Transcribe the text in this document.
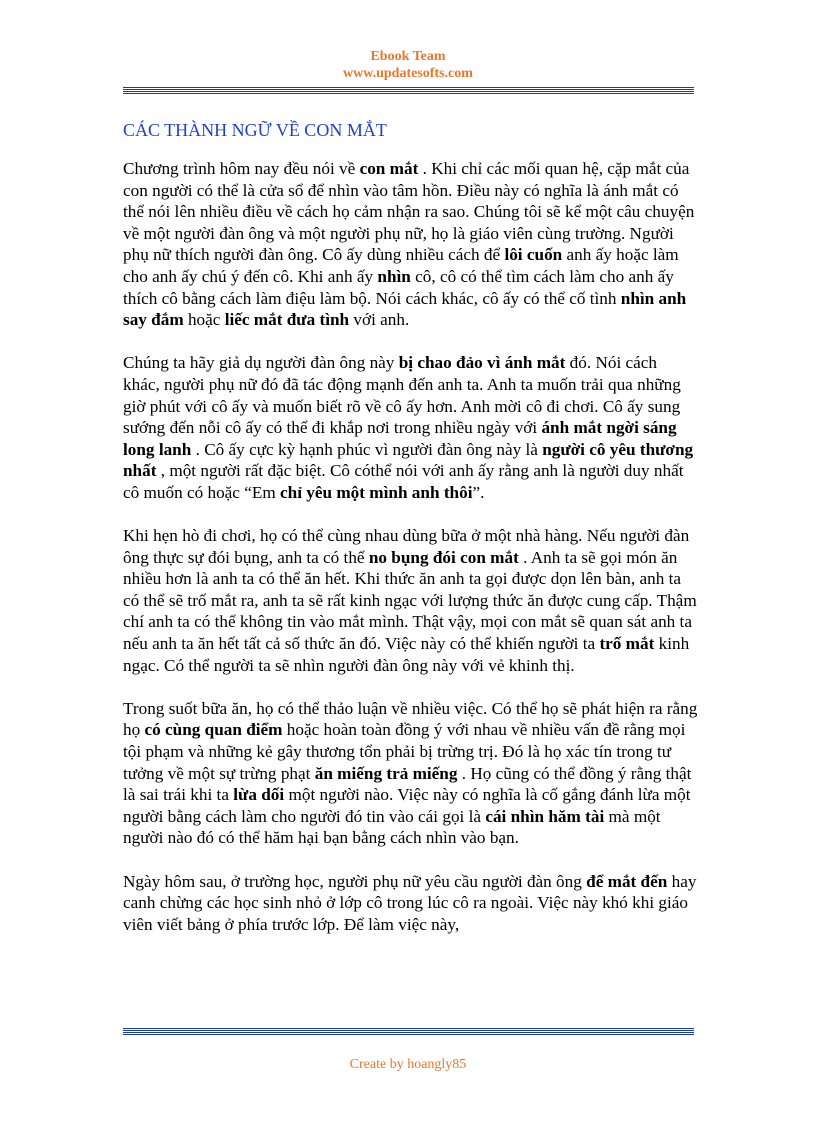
Ebook Team
www.updatesofts.com
CÁC THÀNH NGỮ VỀ CON MẮT

Chương trình hôm nay đều nói về con mắt . Khi chỉ các mối quan hệ, cặp mắt của con người có thể là cửa sổ để nhìn vào tâm hồn. Điều này có nghĩa là ánh mắt có thể nói lên nhiều điều về cách họ cảm nhận ra sao. Chúng tôi sẽ kể một câu chuyện về một người đàn ông và một người phụ nữ, họ là giáo viên cùng trường. Người phụ nữ thích người đàn ông. Cô ấy dùng nhiều cách để lôi cuốn anh ấy hoặc làm cho anh ấy chú ý đến cô. Khi anh ấy nhìn cô, cô có thể tìm cách làm cho anh ấy thích cô bằng cách làm điệu làm bộ. Nói cách khác, cô ấy có thể cố tình nhìn anh say đắm hoặc liếc mắt đưa tình với anh.

Chúng ta hãy giả dụ người đàn ông này bị chao đảo vì ánh mắt đó. Nói cách khác, người phụ nữ đó đã tác động mạnh đến anh ta. Anh ta muốn trải qua những giờ phút với cô ấy và muốn biết rõ về cô ấy hơn. Anh mời cô đi chơi. Cô ấy sung sướng đến nỗi cô ấy có thể đi khắp nơi trong nhiều ngày với ánh mắt ngời sáng long lanh . Cô ấy cực kỳ hạnh phúc vì người đàn ông này là người cô yêu thương nhất , một người rất đặc biệt. Cô cóthể nói với anh ấy rằng anh là người duy nhất cô muốn có hoặc “Em chỉ yêu một mình anh thôi”.

Khi hẹn hò đi chơi, họ có thể cùng nhau dùng bữa ở một nhà hàng. Nếu người đàn ông thực sự đói bụng, anh ta có thể no bụng đói con mắt . Anh ta sẽ gọi món ăn nhiều hơn là anh ta có thể ăn hết. Khi thức ăn anh ta gọi được dọn lên bàn, anh ta có thể sẽ trố mắt ra, anh ta sẽ rất kinh ngạc với lượng thức ăn được cung cấp. Thậm chí anh ta có thể không tin vào mắt mình. Thật vậy, mọi con mắt sẽ quan sát anh ta nếu anh ta ăn hết tất cả số thức ăn đó. Việc này có thể khiến người ta trố mắt kinh ngạc. Có thể người ta sẽ nhìn người đàn ông này với vẻ khinh thị.

Trong suốt bữa ăn, họ có thể thảo luận về nhiều việc. Có thể họ sẽ phát hiện ra rằng họ có cùng quan điểm hoặc hoàn toàn đồng ý với nhau về nhiều vấn đề rằng mọi tội phạm và những kẻ gây thương tổn phải bị trừng trị. Đó là họ xác tín trong tư tưởng về một sự trừng phạt ăn miếng trả miếng . Họ cũng có thể đồng ý rằng thật là sai trái khi ta lừa dối một người nào. Việc này có nghĩa là cố gắng đánh lừa một người bằng cách làm cho người đó tin vào cái gọi là cái nhìn hăm tài mà một người nào đó có thể hăm hại bạn bằng cách nhìn vào bạn.

Ngày hôm sau, ở trường học, người phụ nữ yêu cầu người đàn ông để mắt đến hay canh chừng các học sinh nhỏ ở lớp cô trong lúc cô ra ngoài. Việc này khó khi giáo viên viết bảng ở phía trước lớp. Để làm việc này,

Create by hoangly85
